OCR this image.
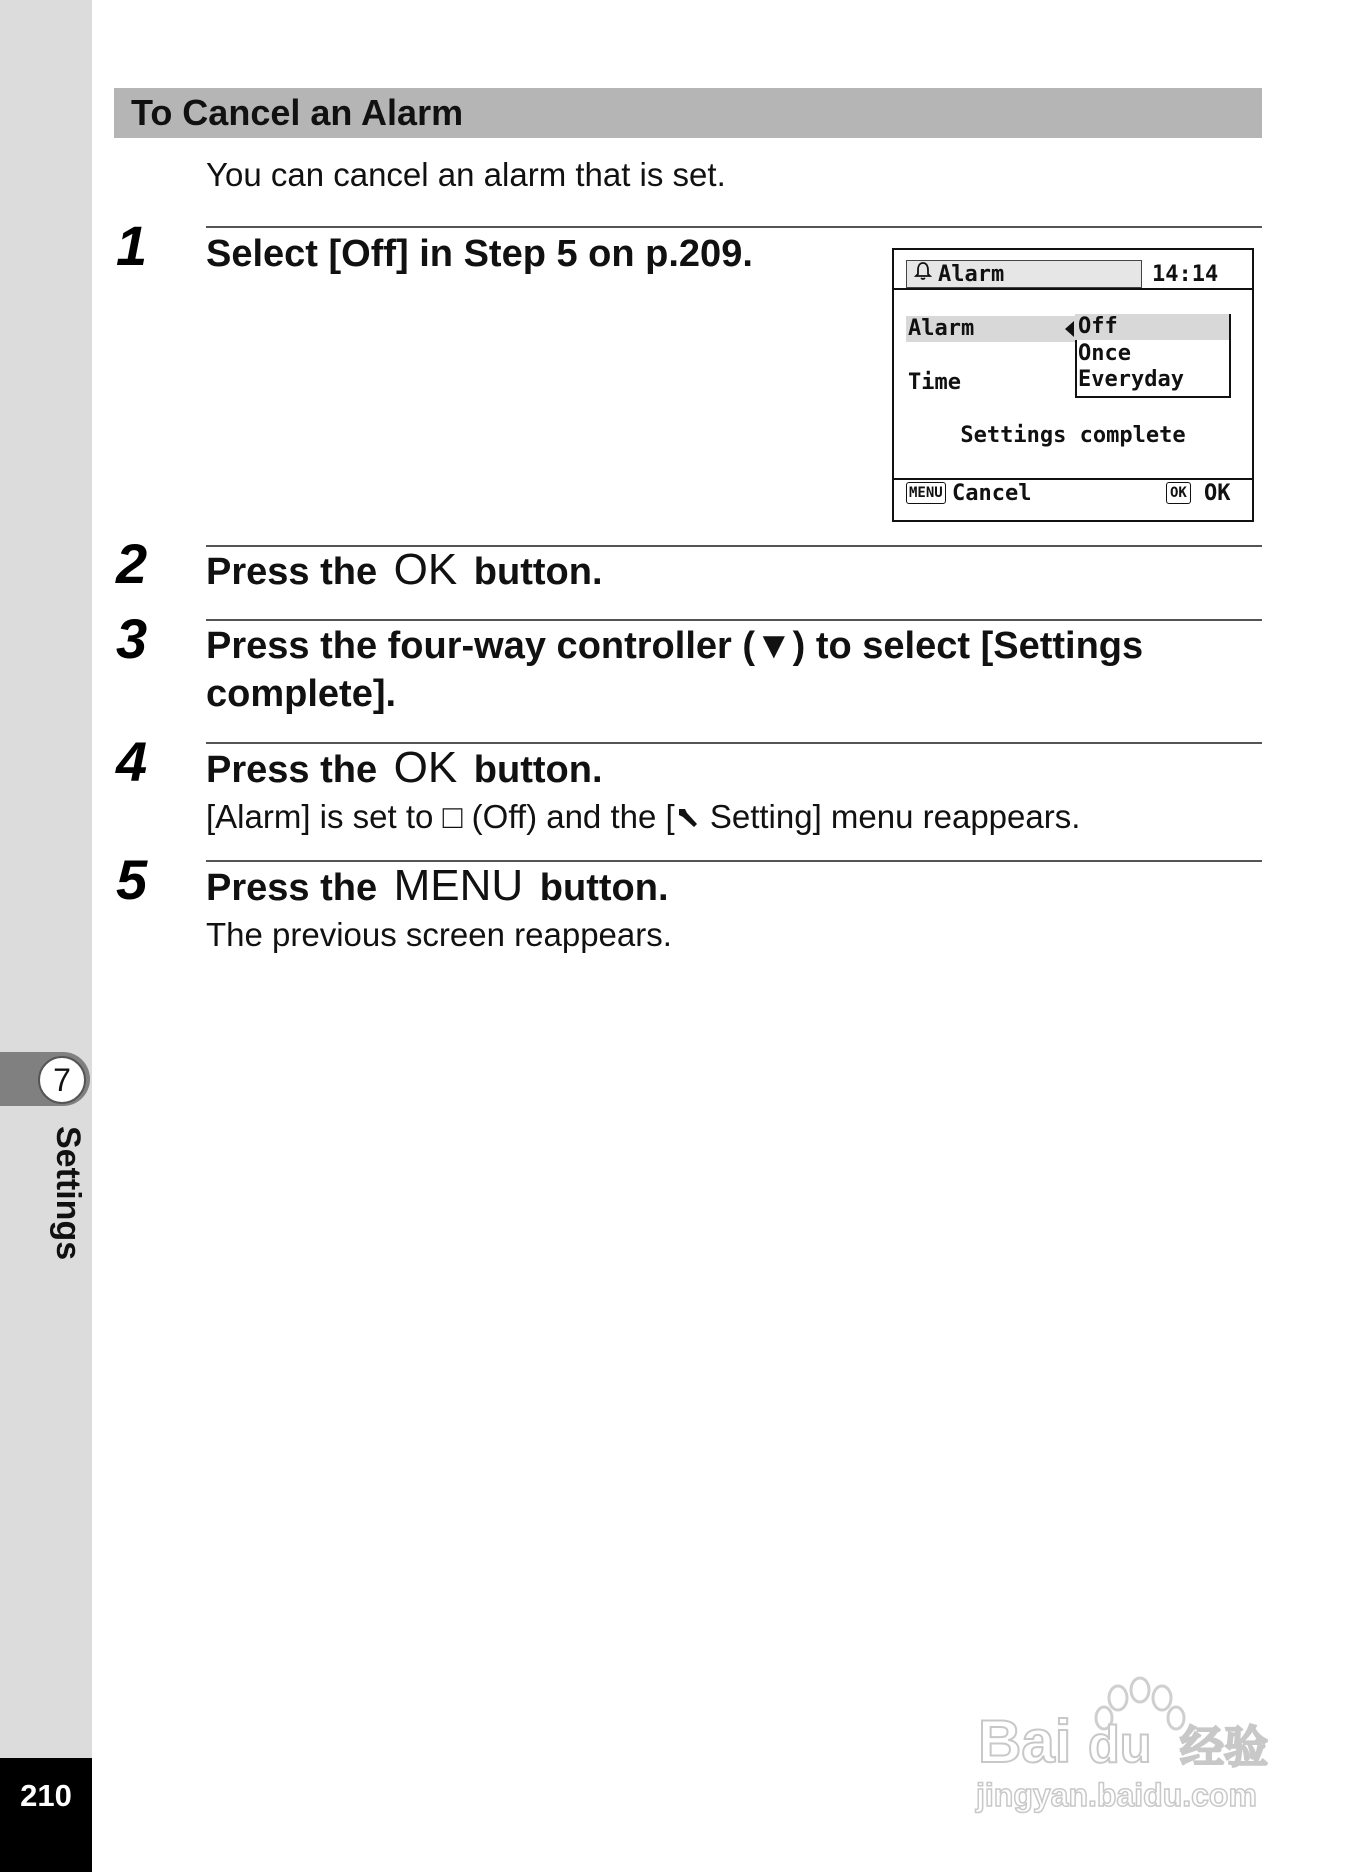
7
Settings
210
To Cancel an Alarm
You can cancel an alarm that is set.
1 Select [Off] in Step 5 on p.209.	Alarm	14:14
Alarm
Time
Off
Once
Everyday
Settings complete
MENU Cancel	OK OK
2 Press the OK button.
3 Press the four-way controller (▼) to select [Settings complete].
4 Press the OK button.
[Alarm] is set to □ (Off) and the [ Setting] menu reappears.
5 Press the MENU button.
The previous screen reappears.
Bai du 经验
jingyan.baidu.com
